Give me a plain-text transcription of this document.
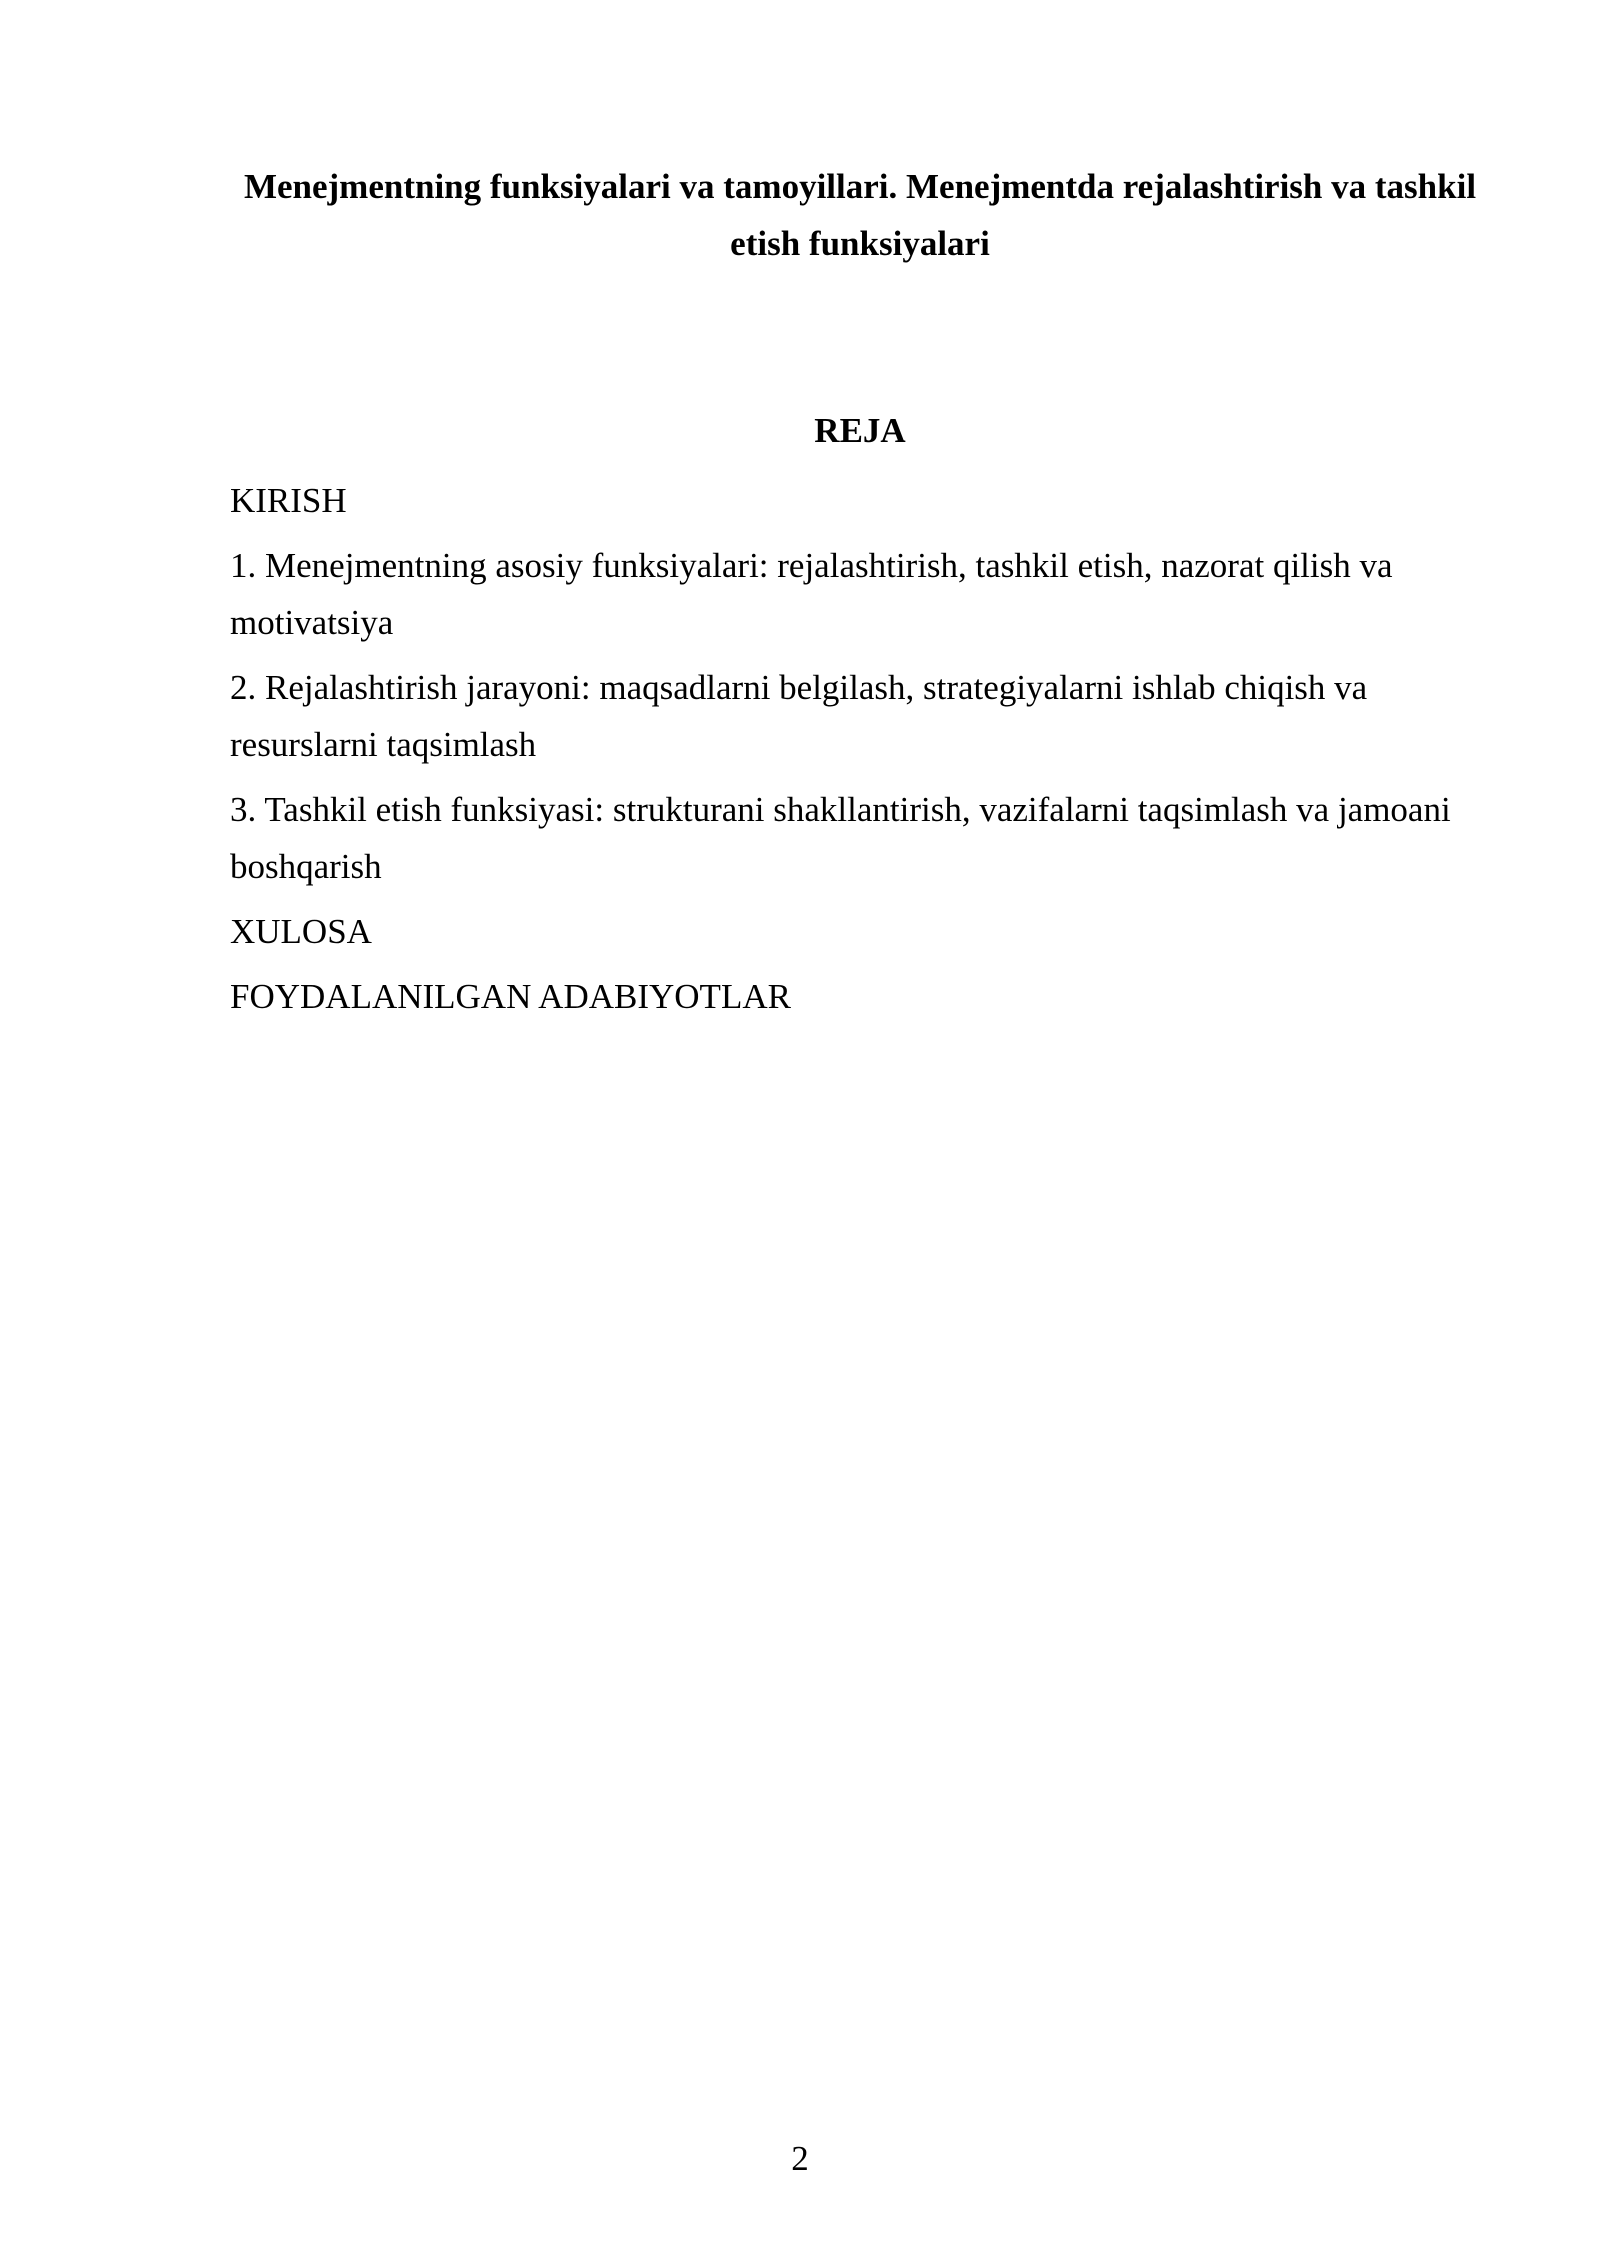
Menejmentning funksiyalari va tamoyillari. Menejmentda rejalashtirish va tashkil etish funksiyalari
REJA
KIRISH
1. Menejmentning asosiy funksiyalari: rejalashtirish, tashkil etish, nazorat qilish va motivatsiya
2. Rejalashtirish jarayoni: maqsadlarni belgilash, strategiyalarni ishlab chiqish va resurslarni taqsimlash
3. Tashkil etish funksiyasi: strukturani shakllantirish, vazifalarni taqsimlash va jamoani boshqarish
XULOSA
FOYDALANILGAN ADABIYOTLAR

2
